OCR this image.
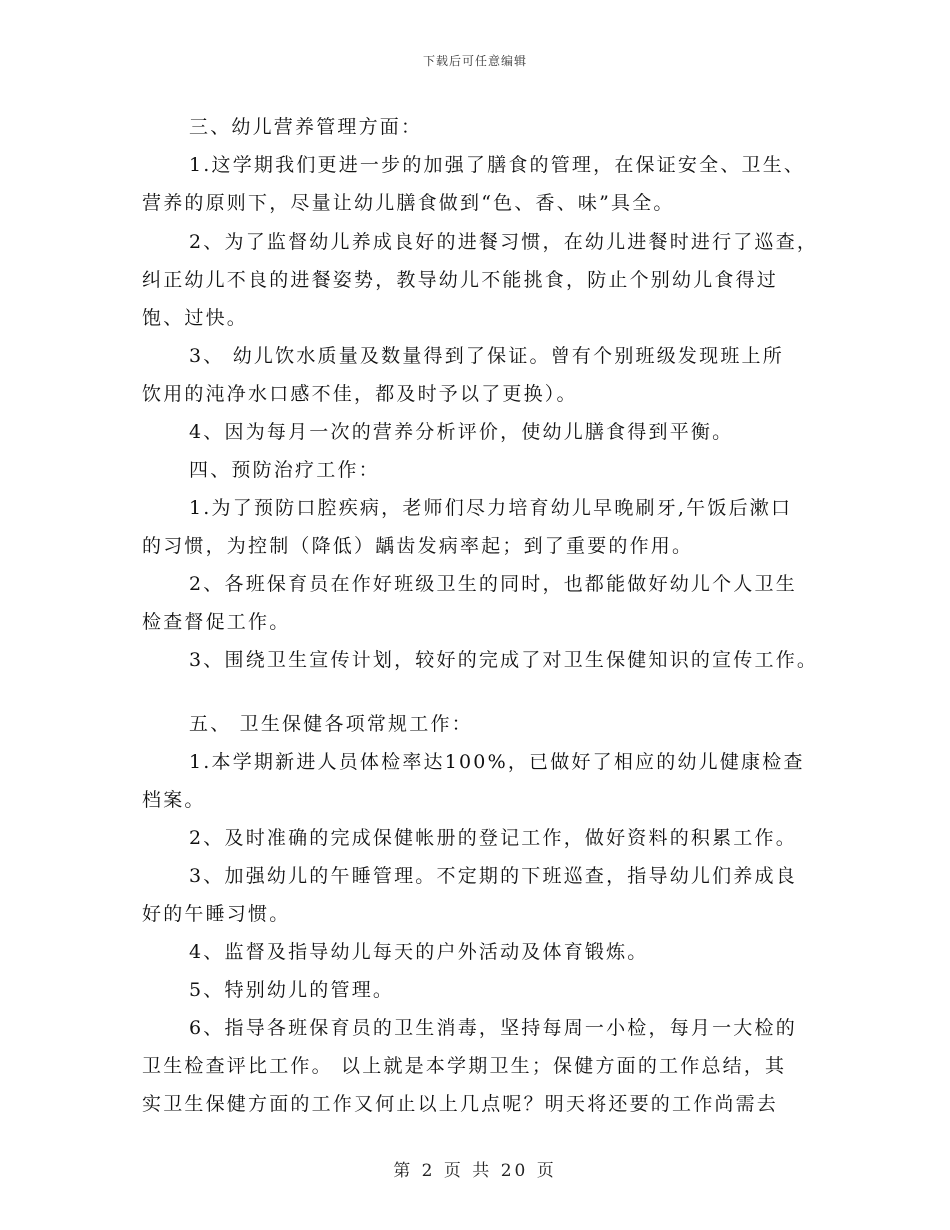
下载后可任意编辑
三、幼儿营养管理方面：
1.这学期我们更进一步的加强了膳食的管理，在保证安全、卫生、
营养的原则下，尽量让幼儿膳食做到“色、香、味”具全。
2、为了监督幼儿养成良好的进餐习惯，在幼儿进餐时进行了巡查，
纠正幼儿不良的进餐姿势，教导幼儿不能挑食，防止个别幼儿食得过
饱、过快。
3、 幼儿饮水质量及数量得到了保证。曾有个别班级发现班上所
饮用的沌净水口感不佳，都及时予以了更换）。
4、因为每月一次的营养分析评价，使幼儿膳食得到平衡。
四、预防治疗工作：
1.为了预防口腔疾病，老师们尽力培育幼儿早晚刷牙,午饭后漱口
的习惯，为控制（降低）龋齿发病率起；到了重要的作用。
2、各班保育员在作好班级卫生的同时，也都能做好幼儿个人卫生
检查督促工作。
3、围绕卫生宣传计划，较好的完成了对卫生保健知识的宣传工作。
五、 卫生保健各项常规工作：
1.本学期新进人员体检率达100%，已做好了相应的幼儿健康检查
档案。
2、及时准确的完成保健帐册的登记工作，做好资料的积累工作。
3、加强幼儿的午睡管理。不定期的下班巡查，指导幼儿们养成良
好的午睡习惯。
4、监督及指导幼儿每天的户外活动及体育锻炼。
5、特别幼儿的管理。
6、指导各班保育员的卫生消毒，坚持每周一小检，每月一大检的
卫生检查评比工作。 以上就是本学期卫生；保健方面的工作总结，其
实卫生保健方面的工作又何止以上几点呢？明天将还要的工作尚需去
第 2 页 共 20 页
